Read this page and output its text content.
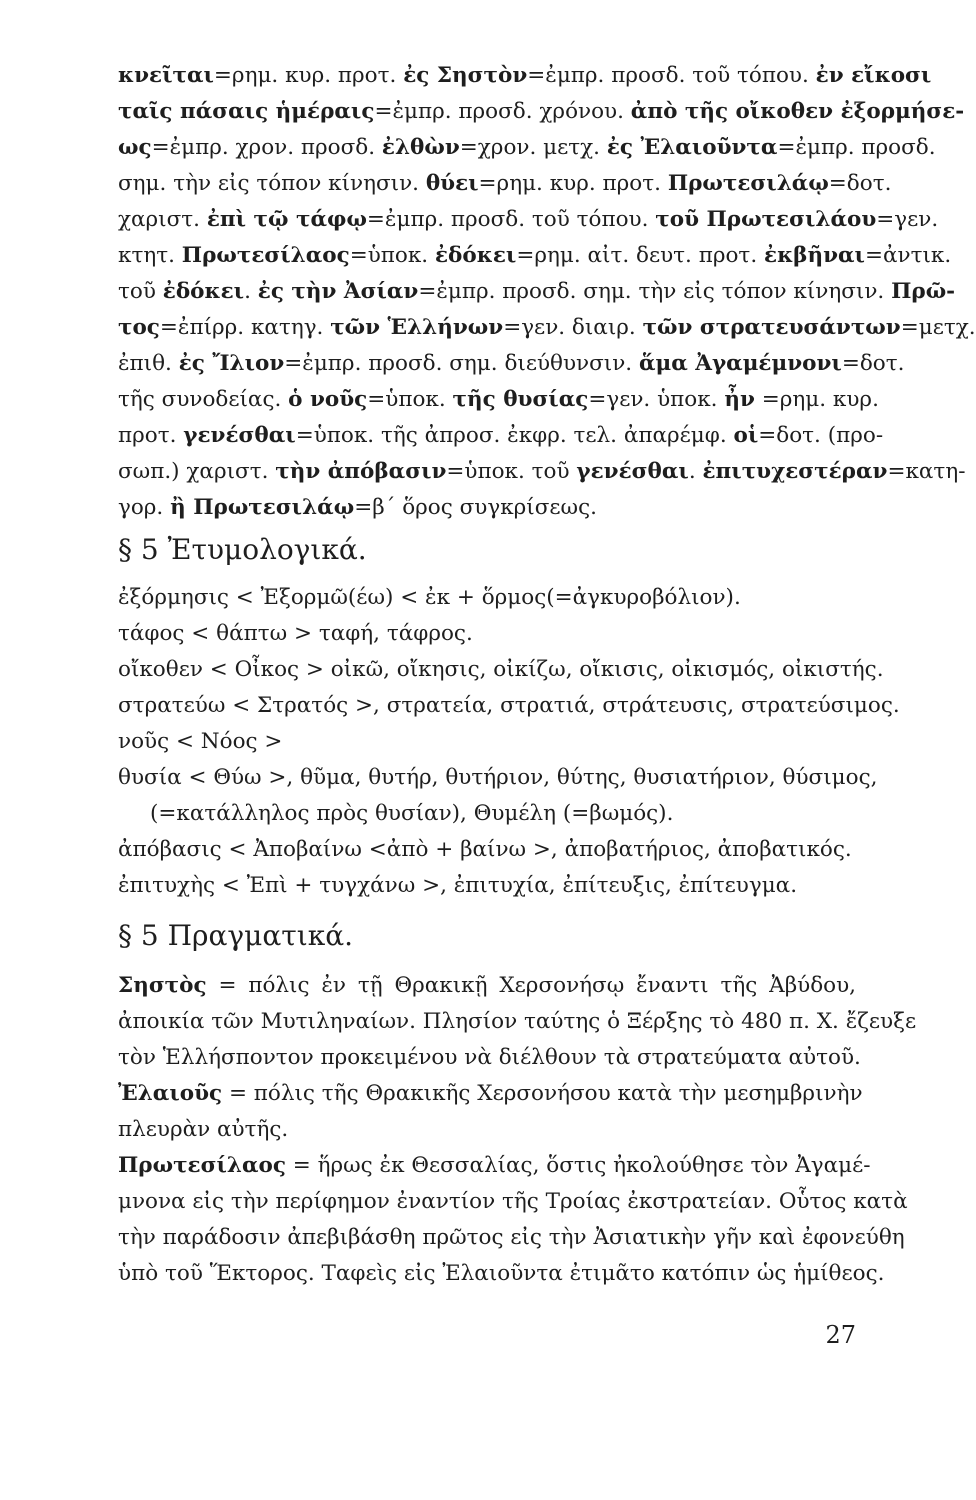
κνεῖται=ρημ. κυρ. προτ. ἐς Σηστὸν=ἐμπρ. προσδ. τοῦ τόπου. ἐν εἴκοσι
ταῖς πάσαις ἡμέραις=ἐμπρ. προσδ. χρόνου. ἀπὸ τῆς οἴκοθεν ἐξορμήσε-
ως=ἐμπρ. χρον. προσδ. ἐλθὼν=χρον. μετχ. ἐς Ἐλαιοῦντα=ἐμπρ. προσδ.
σημ. τὴν εἰς τόπον κίνησιν. θύει=ρημ. κυρ. προτ. Πρωτεσιλάῳ=δοτ.
χαριστ. ἐπὶ τῷ τάφῳ=ἐμπρ. προσδ. τοῦ τόπου. τοῦ Πρωτεσιλάου=γεν.
κτητ. Πρωτεσίλαος=ὑποκ. ἐδόκει=ρημ. αἰτ. δευτ. προτ. ἐκβῆναι=ἀντικ.
τοῦ ἐδόκει. ἐς τὴν Ἀσίαν=ἐμπρ. προσδ. σημ. τὴν εἰς τόπον κίνησιν. Πρῶ-
τος=ἐπίρρ. κατηγ. τῶν Ἑλλήνων=γεν. διαιρ. τῶν στρατευσάντων=μετχ.
ἐπιθ. ἐς Ἴλιον=ἐμπρ. προσδ. σημ. διεύθυνσιν. ἅμα Ἀγαμέμνονι=δοτ.
τῆς συνοδείας. ὁ νοῦς=ὑποκ. τῆς θυσίας=γεν. ὑποκ. ἦν =ρημ. κυρ.
προτ. γενέσθαι=ὑποκ. τῆς ἀπροσ. ἐκφρ. τελ. ἀπαρέμφ. οἱ=δοτ. (προ-
σωπ.) χαριστ. τὴν ἀπόβασιν=ὑποκ. τοῦ γενέσθαι. ἐπιτυχεστέραν=κατη-
γορ. ἢ Πρωτεσιλάῳ=β΄ ὅρος συγκρίσεως.
§ 5 Ἐτυμολογικά.
ἐξόρμησις < Ἐξορμῶ(έω) < ἐκ + ὅρμος(=ἀγκυροβόλιον).
τάφος < θάπτω > ταφή, τάφρος.
οἴκοθεν < Οἶκος > οἰκῶ, οἴκησις, οἰκίζω, οἴκισις, οἰκισμός, οἰκιστής.
στρατεύω < Στρατός >, στρατεία, στρατιά, στράτευσις, στρατεύσιμος.
νοῦς < Νόος >
θυσία < Θύω >, θῦμα, θυτήρ, θυτήριον, θύτης, θυσιατήριον, θύσιμος,
(=κατάλληλος πρὸς θυσίαν), Θυμέλη (=βωμός).
ἀπόβασις < Ἀποβαίνω <ἀπὸ + βαίνω >, ἀποβατήριος, ἀποβατικός.
ἐπιτυχὴς < Ἐπὶ + τυγχάνω >, ἐπιτυχία, ἐπίτευξις, ἐπίτευγμα.
§ 5 Πραγματικά.
Σηστὸς = πόλις ἐν τῇ Θρακικῇ Χερσονήσῳ ἔναντι τῆς Ἀβύδου,
ἀποικία τῶν Μυτιληναίων. Πλησίον ταύτης ὁ Ξέρξης τὸ 480 π. Χ. ἔζευξε
τὸν Ἑλλήσποντον προκειμένου νὰ διέλθουν τὰ στρατεύματα αὐτοῦ.
Ἐλαιοῦς = πόλις τῆς Θρακικῆς Χερσονήσου κατὰ τὴν μεσημβρινὴν
πλευρὰν αὐτῆς.
Πρωτεσίλαος = ἥρως ἐκ Θεσσαλίας, ὅστις ἠκολούθησε τὸν Ἀγαμέ-
μνονα εἰς τὴν περίφημον ἐναντίον τῆς Τροίας ἐκστρατείαν. Οὗτος κατὰ
τὴν παράδοσιν ἀπεβιβάσθη πρῶτος εἰς τὴν Ἀσιατικὴν γῆν καὶ ἐφονεύθη
ὑπὸ τοῦ Ἕκτορος. Ταφεὶς εἰς Ἐλαιοῦντα ἐτιμᾶτο κατόπιν ὡς ἡμίθεος.
27
